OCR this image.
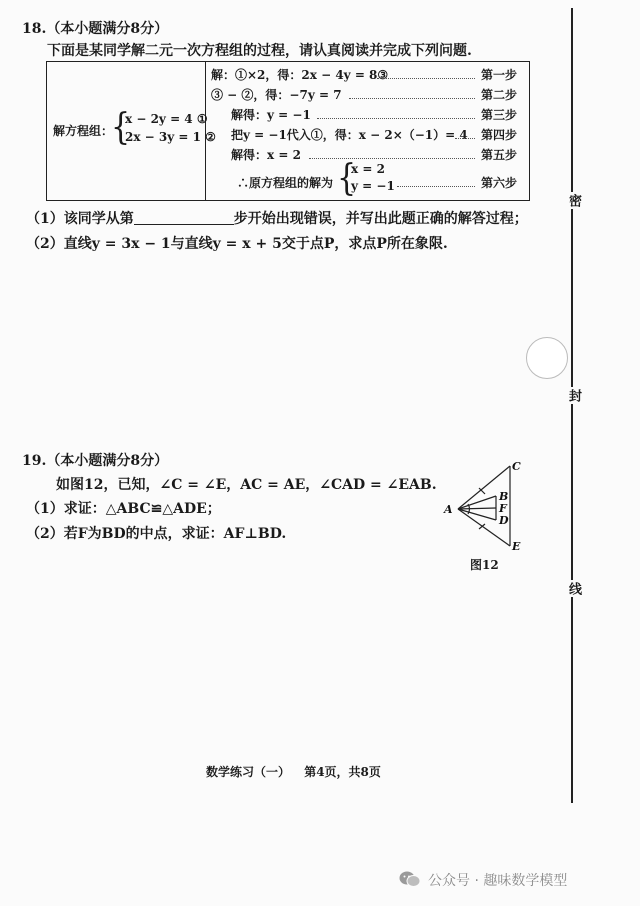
18.（本小题满分8分）
下面是某同学解二元一次方程组的过程，请认真阅读并完成下列问题.
解方程组：
{
x − 2y = 4 ①
2x − 3y = 1 ②
解：①×2，得：2x − 4y = 8③	第一步
③ − ②，得：−7y = 7	第二步
解得：y = −1	第三步
把y = −1代入①，得：x − 2×（−1）= 4 第四步
解得：x = 2	第五步
∴原方程组的解为 {
x = 2
y = −1	第六步
（1）该同学从第	步开始出现错误，并写出此题正确的解答过程；
（2）直线y = 3x − 1与直线y = x + 5交于点P，求点P所在象限.
19.（本小题满分8分）
如图12，已知，∠C = ∠E，AC = AE，∠CAD = ∠EAB.
（1）求证：△ABC≌△ADE；
（2）若F为BD的中点，求证：AF⊥BD.
A
C
B
F
D
E
图12
数学练习（一） 第4页，共8页
密
封
线
公众号 · 趣味数学模型
